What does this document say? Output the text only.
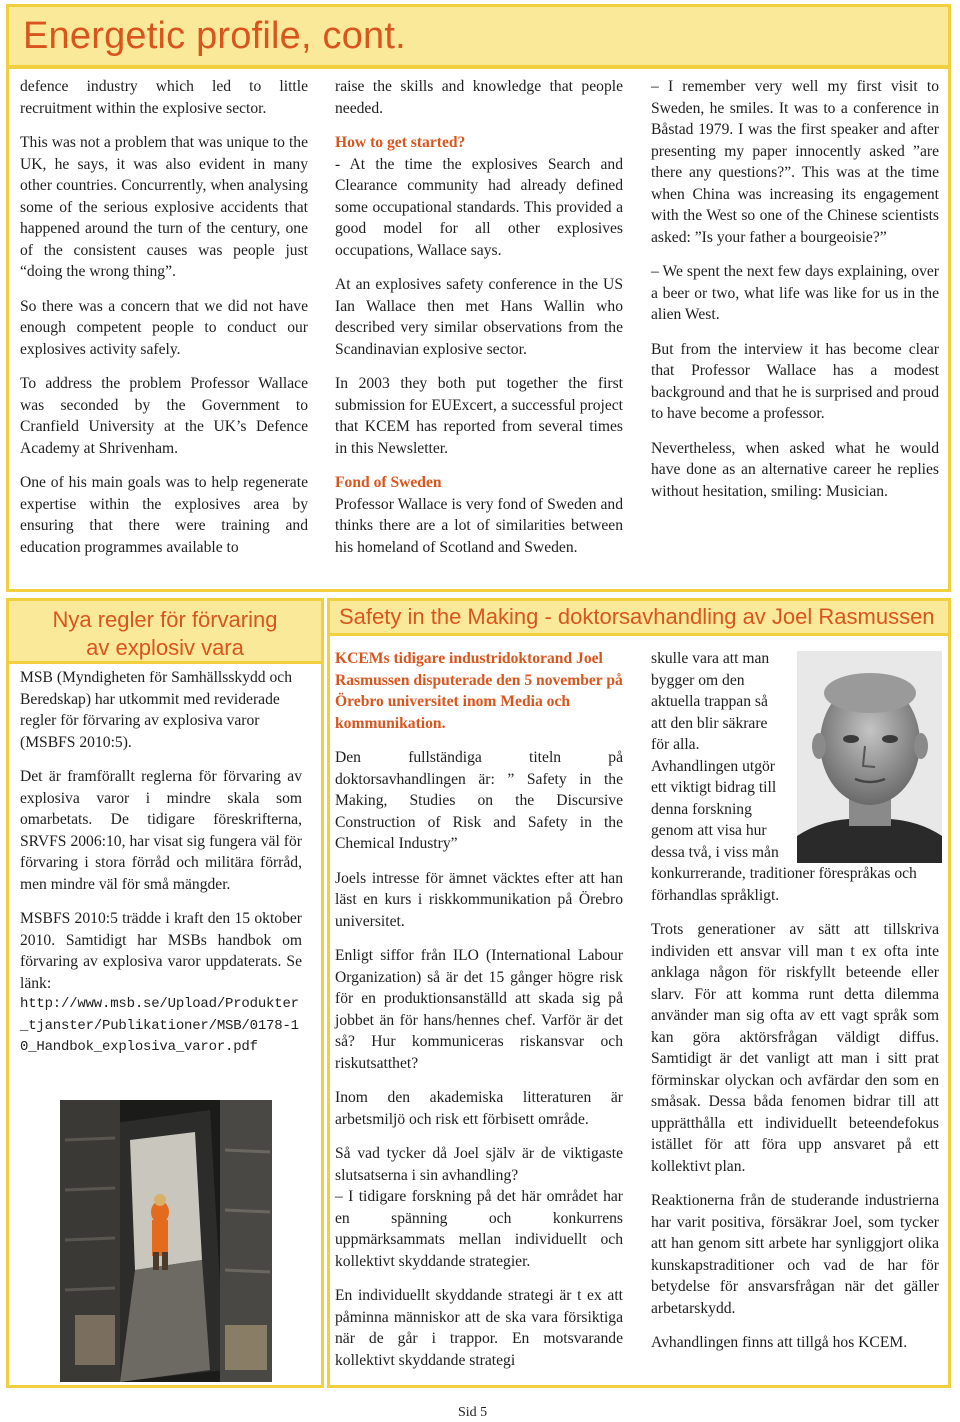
Energetic profile, cont.

defence industry which led to little recruitment within the explosive sector.

This was not a problem that was unique to the UK, he says, it was also evident in many other countries. Concurrently, when analysing some of the serious explosive accidents that happened around the turn of the century, one of the consistent causes was people just “doing the wrong thing”.

So there was a concern that we did not have enough competent people to conduct our explosives activity safely.

To address the problem Professor Wallace was seconded by the Government to Cranfield University at the UK’s Defence Academy at Shrivenham.

One of his main goals was to help regenerate expertise within the explosives area by ensuring that there were training and education programmes available to

raise the skills and knowledge that people needed.

How to get started?

- At the time the explosives Search and Clearance community had already defined some occupational standards. This provided a good model for all other explosives occupations, Wallace says.

At an explosives safety conference in the US Ian Wallace then met Hans Wallin who described very similar observations from the Scandinavian explosive sector.

In 2003 they both put together the first submission for EUExcert, a successful project that KCEM has reported from several times in this Newsletter.

Fond of Sweden

Professor Wallace is very fond of Sweden and thinks there are a lot of similarities between his homeland of Scotland and Sweden.

– I remember very well my first visit to Sweden, he smiles. It was to a conference in Båstad 1979. I was the first speaker and after presenting my paper innocently asked ”are there any questions?”. This was at the time when China was increasing its engagement with the West so one of the Chinese scientists asked: ”Is your father a bourgeoisie?”

– We spent the next few days explaining, over a beer or two, what life was like for us in the alien West.

But from the interview it has become clear that Professor Wallace has a modest background and that he is surprised and proud to have become a professor.

Nevertheless, when asked what he would have done as an alternative career he replies without hesitation, smiling: Musician.

Nya regler för förvaring
av explosiv vara

MSB (Myndigheten för Samhällsskydd och Beredskap) har utkommit med reviderade regler för förvaring av explosiva varor (MSBFS 2010:5).

Det är framförallt reglerna för förvaring av explosiva varor i mindre skala som omarbetats. De tidigare föreskrifterna, SRVFS 2006:10, har visat sig fungera väl för förvaring i stora förråd och militära förråd, men mindre väl för små mängder.

MSBFS 2010:5 trädde i kraft den 15 oktober 2010. Samtidigt har MSBs handbok om förvaring av explosiva varor uppdaterats. Se länk:

http://www.msb.se/Upload/Produkter_tjanster/Publikationer/MSB/0178-10_Handbok_explosiva_varor.pdf
Safety in the Making - doktorsavhandling av Joel Rasmussen

KCEMs tidigare industridoktorand Joel Rasmussen disputerade den 5 november på Örebro universitet inom Media och kommunikation.

Den fullständiga titeln på doktorsavhandlingen är: ” Safety in the Making, Studies on the Discursive Construction of Risk and Safety in the Chemical Industry”

Joels intresse för ämnet väcktes efter att han läst en kurs i riskkommunikation på Örebro universitet.

Enligt siffor från ILO (International Labour Organization) så är det 15 gånger högre risk för en produktionsanställd att skada sig på jobbet än för hans/hennes chef. Varför är det så? Hur kommuniceras riskansvar och riskutsatthet?

Inom den akademiska litteraturen är arbetsmiljö och risk ett förbisett område.

Så vad tycker då Joel själv är de viktigaste slutsatserna i sin avhandling?

– I tidigare forskning på det här området har en spänning och konkurrens uppmärksammats mellan individuellt och kollektivt skyddande strategier.

En individuellt skyddande strategi är t ex att påminna människor att de ska vara försiktiga när de går i trappor. En motsvarande kollektivt skyddande strategi

skulle vara att man bygger om den aktuella trappan så att den blir säkrare för alla. Avhandlingen utgör ett viktigt bidrag till denna forskning genom att visa hur dessa två, i viss mån konkurrerande, traditioner förespråkas och förhandlas språkligt.

Trots generationer av sätt att tillskriva individen ett ansvar vill man t ex ofta inte anklaga någon för riskfyllt beteende eller slarv. För att komma runt detta dilemma använder man sig ofta av ett vagt språk som kan göra aktörsfrågan väldigt diffus. Samtidigt är det vanligt att man i sitt prat förminskar olyckan och avfärdar den som en småsak. Dessa båda fenomen bidrar till att upprätthålla ett individuellt beteendefokus istället för att föra upp ansvaret på ett kollektivt plan.

Reaktionerna från de studerande industrierna har varit positiva, försäkrar Joel, som tycker att han genom sitt arbete har synliggjort olika kunskapstraditioner och vad de har för betydelse för ansvarsfrågan när det gäller arbetarskydd.

Avhandlingen finns att tillgå hos KCEM.

Sid 5
